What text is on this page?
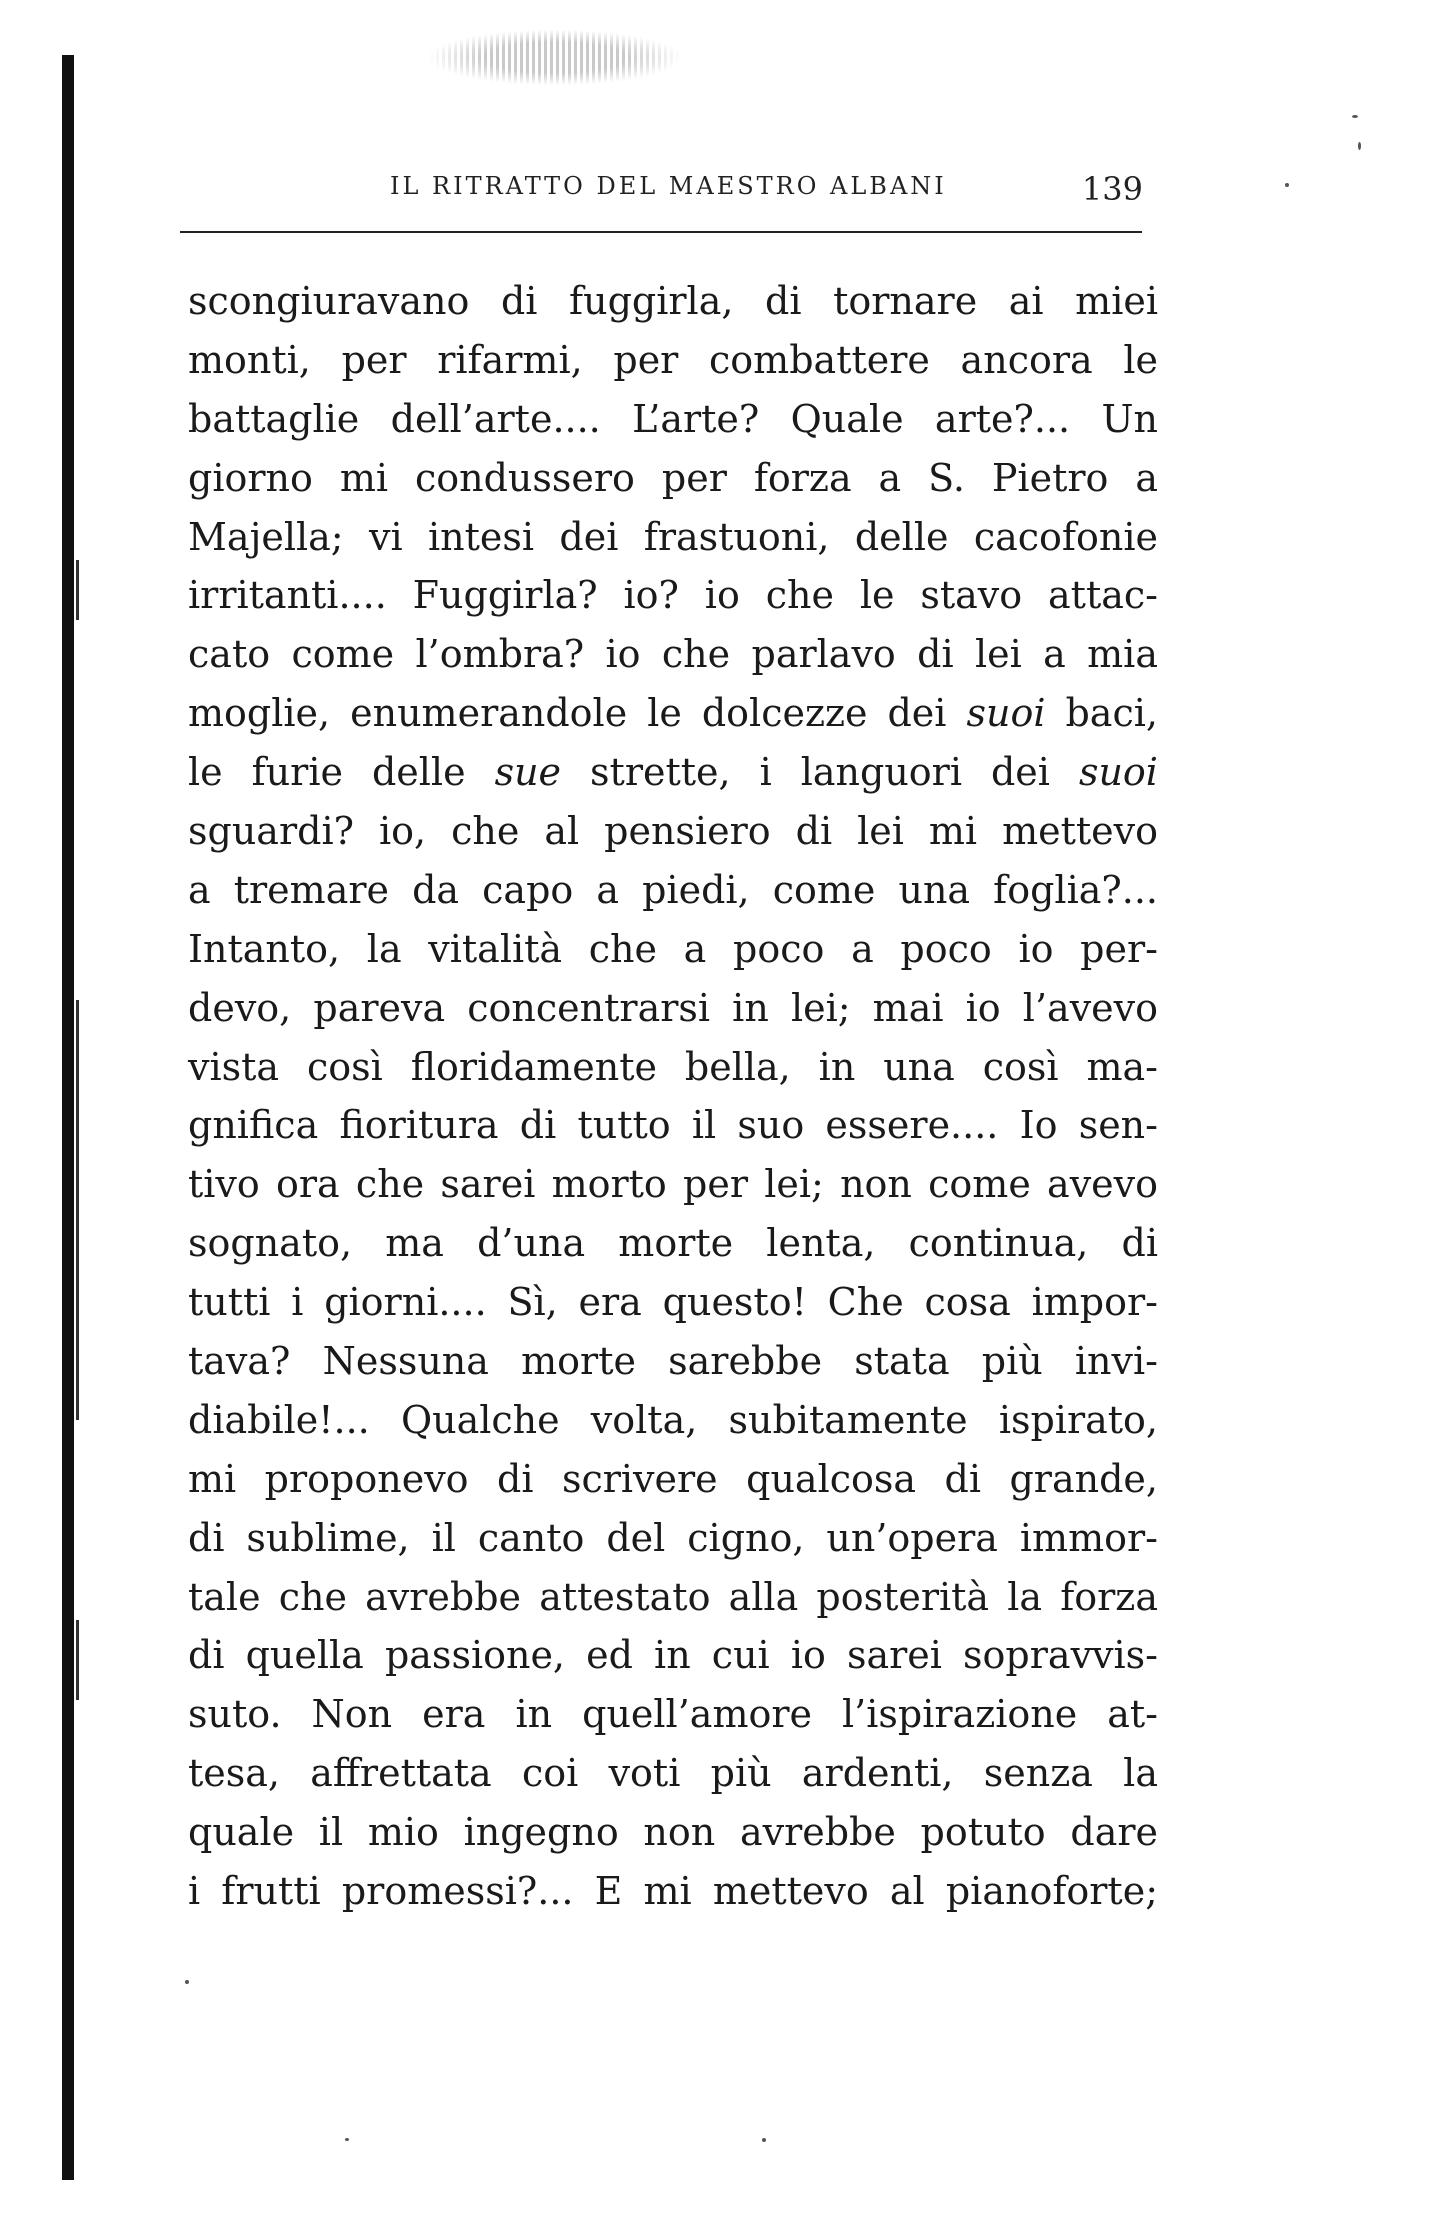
IL RITRATTO DEL MAESTRO ALBANI	139
scongiuravano di fuggirla, di tornare ai miei
monti, per rifarmi, per combattere ancora le
battaglie dell’arte.... L’arte? Quale arte?... Un
giorno mi condussero per forza a S. Pietro a
Majella; vi intesi dei frastuoni, delle cacofonie
irritanti.... Fuggirla? io? io che le stavo attac-
cato come l’ombra? io che parlavo di lei a mia
moglie, enumerandole le dolcezze dei suoi baci,
le furie delle sue strette, i languori dei suoi
sguardi? io, che al pensiero di lei mi mettevo
a tremare da capo a piedi, come una foglia?...
Intanto, la vitalità che a poco a poco io per-
devo, pareva concentrarsi in lei; mai io l’avevo
vista così floridamente bella, in una così ma-
gnifica fioritura di tutto il suo essere.... Io sen-
tivo ora che sarei morto per lei; non come avevo
sognato, ma d’una morte lenta, continua, di
tutti i giorni.... Sì, era questo! Che cosa impor-
tava? Nessuna morte sarebbe stata più invi-
diabile!... Qualche volta, subitamente ispirato,
mi proponevo di scrivere qualcosa di grande,
di sublime, il canto del cigno, un’opera immor-
tale che avrebbe attestato alla posterità la forza
di quella passione, ed in cui io sarei sopravvis-
suto. Non era in quell’amore l’ispirazione at-
tesa, affrettata coi voti più ardenti, senza la
quale il mio ingegno non avrebbe potuto dare
i frutti promessi?... E mi mettevo al pianoforte;
